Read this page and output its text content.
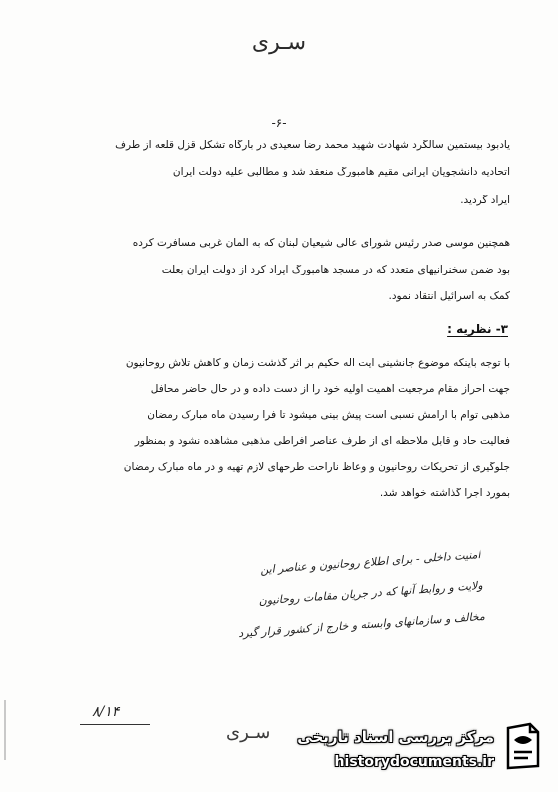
سـری
-۶-
یادبود بیستمین سالگرد شهادت شهید محمد رضا سعیدی در بارگاه تشکل قزل قلعه از طرف
اتحادیه دانشجویان ایرانی مقیم هامبورگ منعقد شد و مطالبی علیه دولت ایران
ایراد گردید.
همچنین موسی صدر رئیس شورای عالی شیعیان لبنان که به آلمان غربی مسافرت کرده
بود ضمن سخنرانیهای متعدد که در مسجد هامبورگ ایراد کرد از دولت ایران بعلت
کمک به اسرائیل انتقاد نمود.
۳- نظریه :
با توجه باینکه موضوع جانشینی آیت اله حکیم بر اثر گذشت زمان و کاهش تلاش روحانیون
جهت احراز مقام مرجعیت اهمیت اولیه خود را از دست داده و در حال حاضر محافل
مذهبی توام با آرامش نسبی است پیش بینی میشود تا فرا رسیدن ماه مبارک رمضان
فعالیت حاد و قابل ملاحظه ای از طرف عناصر افراطی مذهبی مشاهده نشود و بمنظور
جلوگیری از تحریکات روحانیون و وعاظ ناراحت طرحهای لازم تهیه و در ماه مبارک رمضان
بمورد اجرا گذاشته خواهد شد.
امنیت داخلی - برای اطلاع روحانیون و عناصر این
ولایت و روابط آنها که در جریان مقامات روحانیون
مخالف و سازمانهای وابسته و خارج از کشور قرار گیرد
۸/۱۴
سـری مرکز بررسی اسناد تاریخی
historydocuments.ir
